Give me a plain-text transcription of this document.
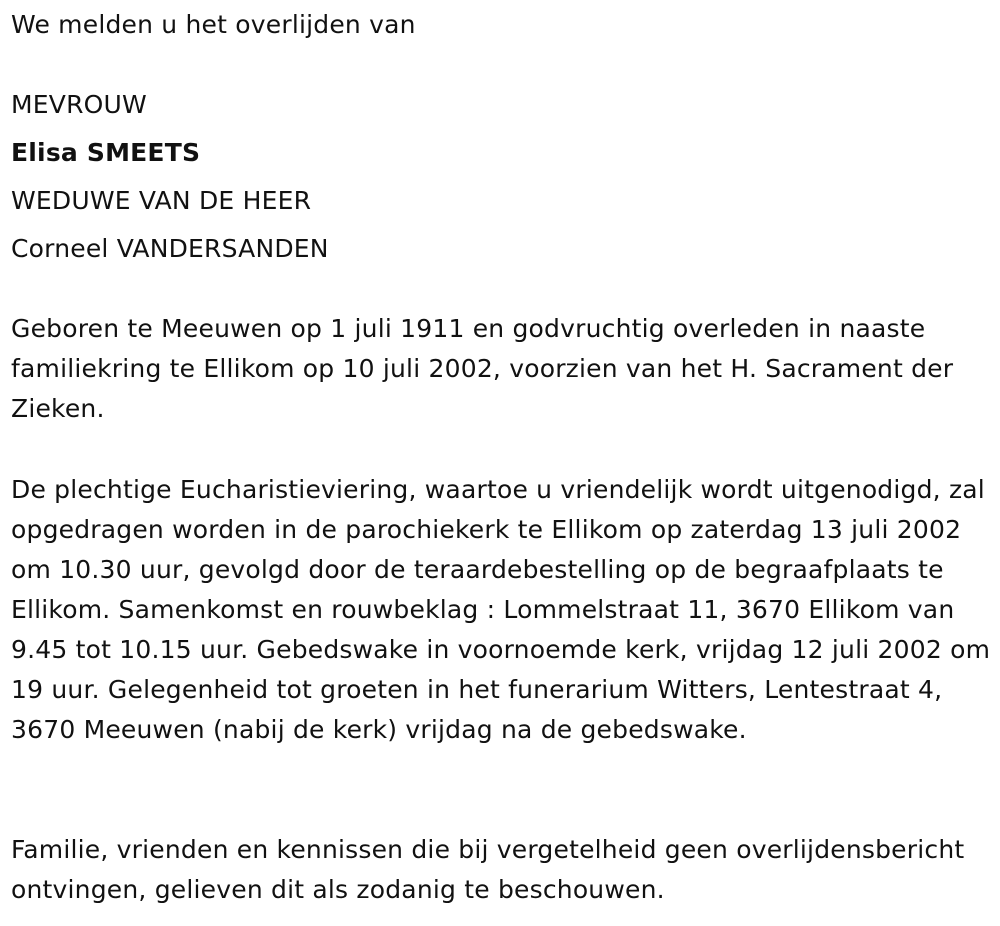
We melden u het overlijden van
MEVROUW
Elisa SMEETS
WEDUWE VAN DE HEER
Corneel VANDERSANDEN

Geboren te Meeuwen op 1 juli 1911 en godvruchtig overleden in naaste familiekring te Ellikom op 10 juli 2002, voorzien van het H. Sacrament der Zieken.

De plechtige Eucharistieviering, waartoe u vriendelijk wordt uitgenodigd, zal opgedragen worden in de parochiekerk te Ellikom op zaterdag 13 juli 2002 om 10.30 uur, gevolgd door de teraardebestelling op de begraafplaats te Ellikom. Samenkomst en rouwbeklag : Lommelstraat 11, 3670 Ellikom van 9.45 tot 10.15 uur. Gebedswake in voornoemde kerk, vrijdag 12 juli 2002 om 19 uur. Gelegenheid tot groeten in het funerarium Witters, Lentestraat 4, 3670 Meeuwen (nabij de kerk) vrijdag na de gebedswake.

Familie, vrienden en kennissen die bij vergetelheid geen overlijdensbericht ontvingen, gelieven dit als zodanig te beschouwen.
